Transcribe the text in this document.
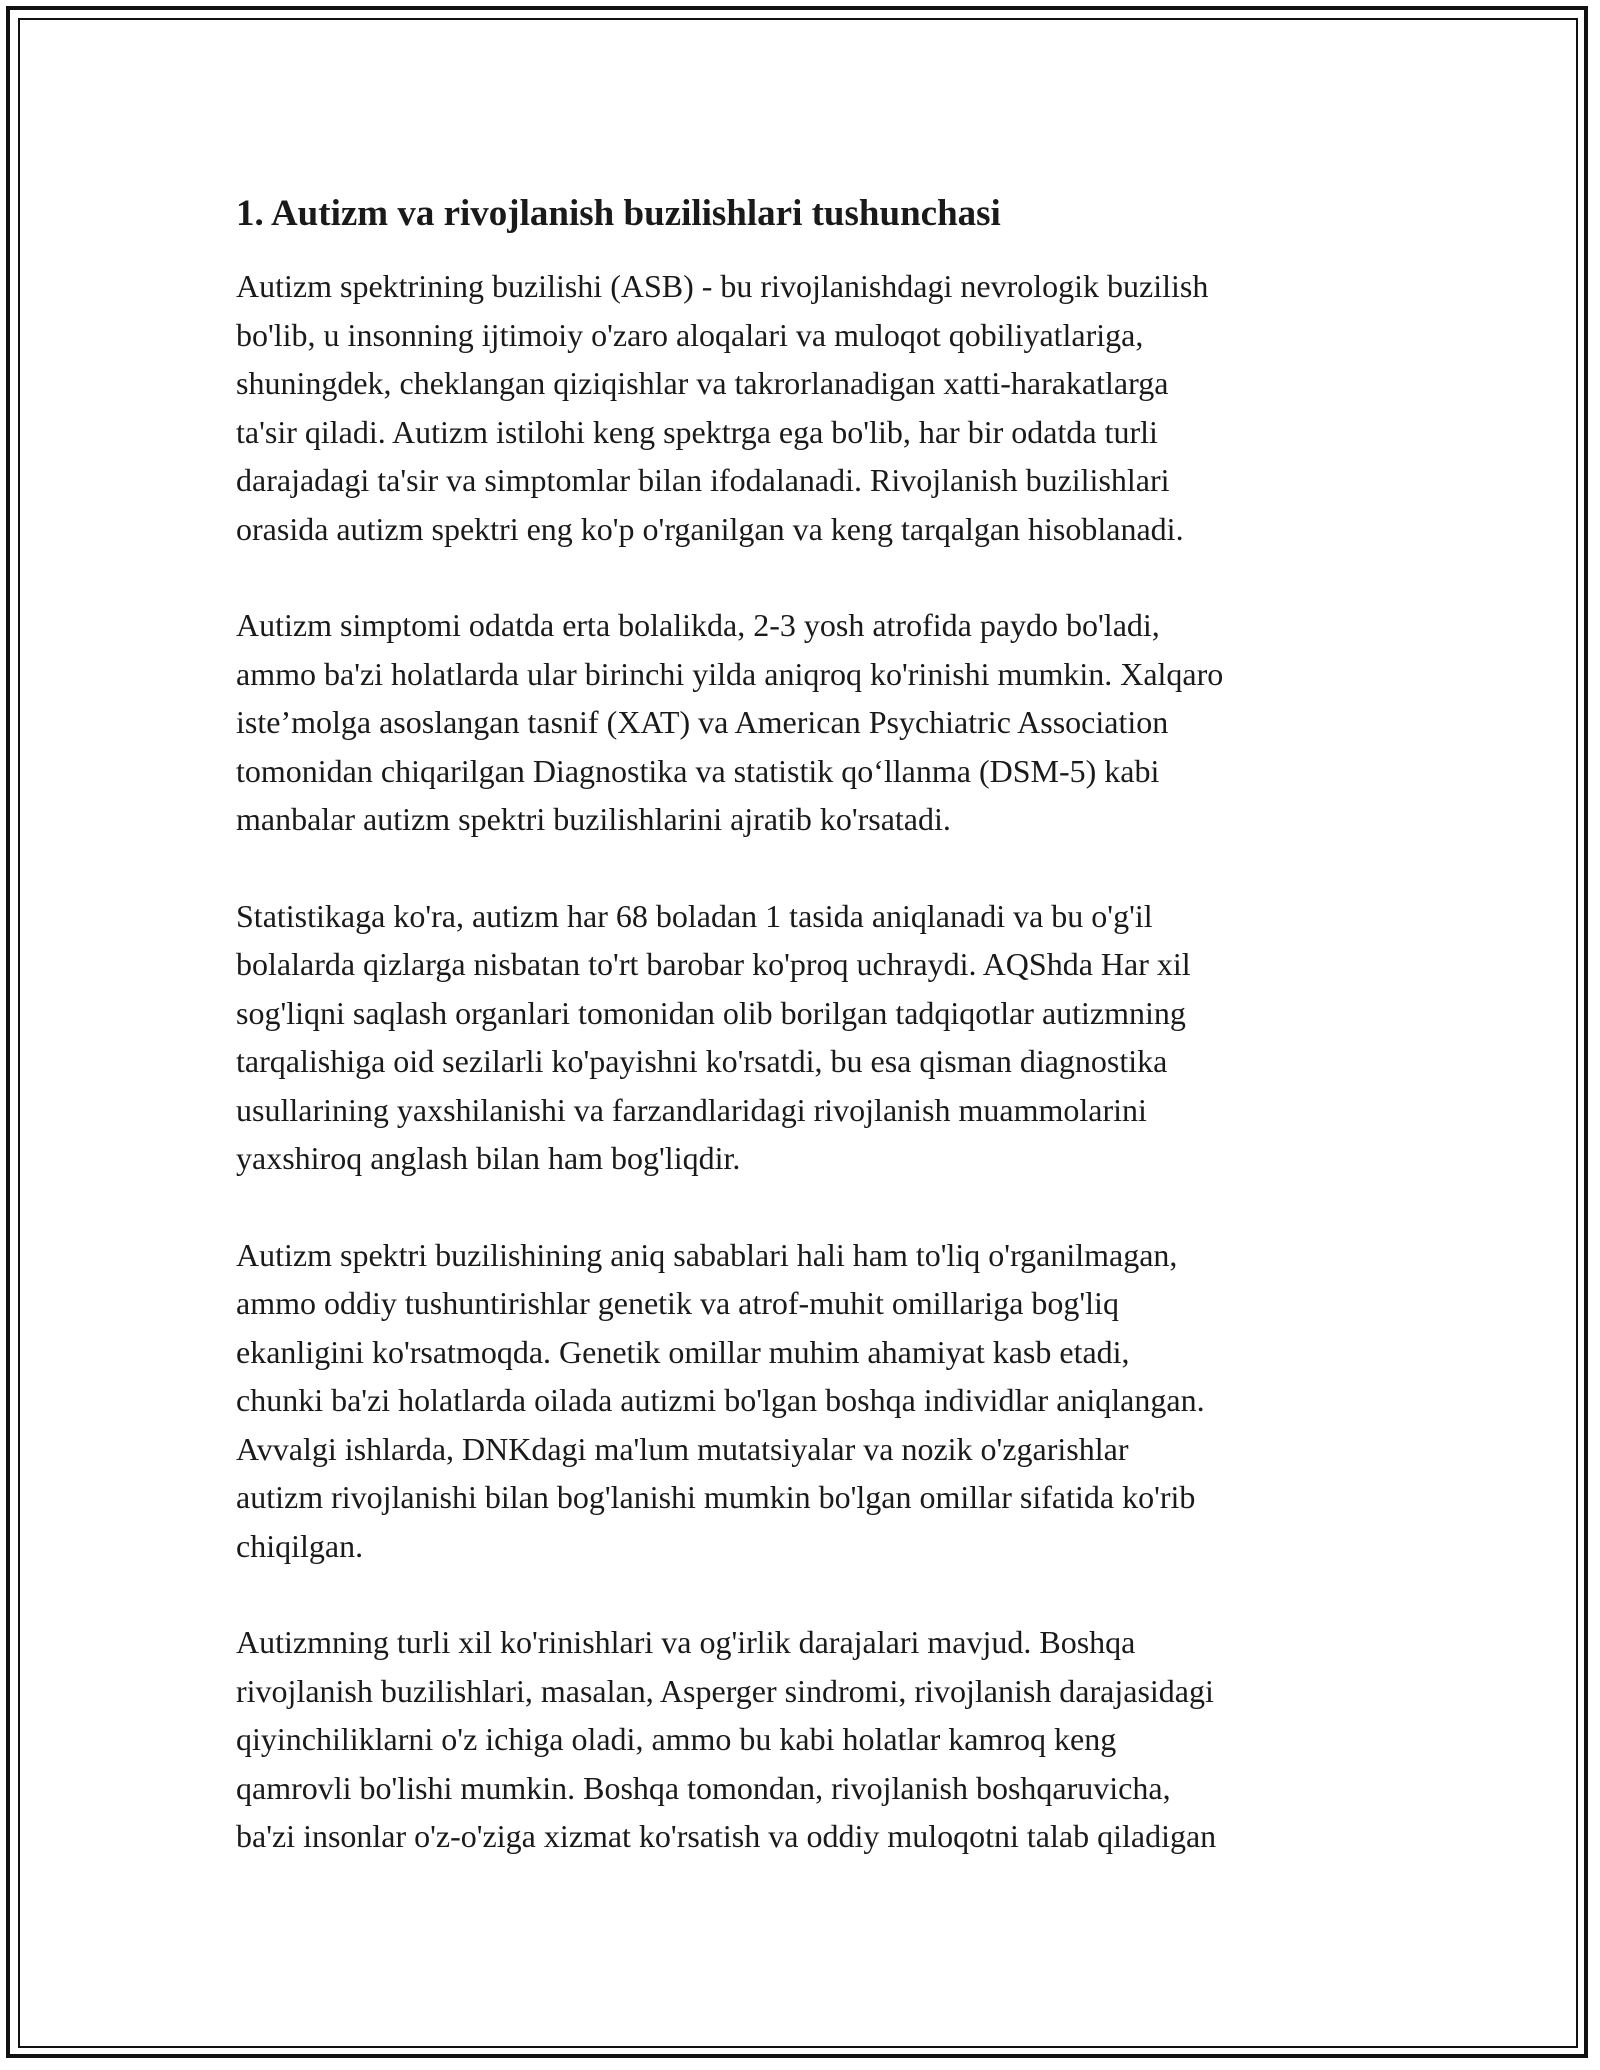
1. Autizm va rivojlanish buzilishlari tushunchasi

Autizm spektrining buzilishi (ASB) - bu rivojlanishdagi nevrologik buzilish
bo'lib, u insonning ijtimoiy o'zaro aloqalari va muloqot qobiliyatlariga,
shuningdek, cheklangan qiziqishlar va takrorlanadigan xatti-harakatlarga
ta'sir qiladi. Autizm istilohi keng spektrga ega bo'lib, har bir odatda turli
darajadagi ta'sir va simptomlar bilan ifodalanadi. Rivojlanish buzilishlari
orasida autizm spektri eng ko'p o'rganilgan va keng tarqalgan hisoblanadi.

Autizm simptomi odatda erta bolalikda, 2-3 yosh atrofida paydo bo'ladi,
ammo ba'zi holatlarda ular birinchi yilda aniqroq ko'rinishi mumkin. Xalqaro
iste’molga asoslangan tasnif (XAT) va American Psychiatric Association
tomonidan chiqarilgan Diagnostika va statistik qo‘llanma (DSM-5) kabi
manbalar autizm spektri buzilishlarini ajratib ko'rsatadi.

Statistikaga ko'ra, autizm har 68 boladan 1 tasida aniqlanadi va bu o'g'il
bolalarda qizlarga nisbatan to'rt barobar ko'proq uchraydi. AQShda Har xil
sog'liqni saqlash organlari tomonidan olib borilgan tadqiqotlar autizmning
tarqalishiga oid sezilarli ko'payishni ko'rsatdi, bu esa qisman diagnostika
usullarining yaxshilanishi va farzandlaridagi rivojlanish muammolarini
yaxshiroq anglash bilan ham bog'liqdir.

Autizm spektri buzilishining aniq sabablari hali ham to'liq o'rganilmagan,
ammo oddiy tushuntirishlar genetik va atrof-muhit omillariga bog'liq
ekanligini ko'rsatmoqda. Genetik omillar muhim ahamiyat kasb etadi,
chunki ba'zi holatlarda oilada autizmi bo'lgan boshqa individlar aniqlangan.
Avvalgi ishlarda, DNKdagi ma'lum mutatsiyalar va nozik o'zgarishlar
autizm rivojlanishi bilan bog'lanishi mumkin bo'lgan omillar sifatida ko'rib
chiqilgan.

Autizmning turli xil ko'rinishlari va og'irlik darajalari mavjud. Boshqa
rivojlanish buzilishlari, masalan, Asperger sindromi, rivojlanish darajasidagi
qiyinchiliklarni o'z ichiga oladi, ammo bu kabi holatlar kamroq keng
qamrovli bo'lishi mumkin. Boshqa tomondan, rivojlanish boshqaruvicha,
ba'zi insonlar o'z-o'ziga xizmat ko'rsatish va oddiy muloqotni talab qiladigan
